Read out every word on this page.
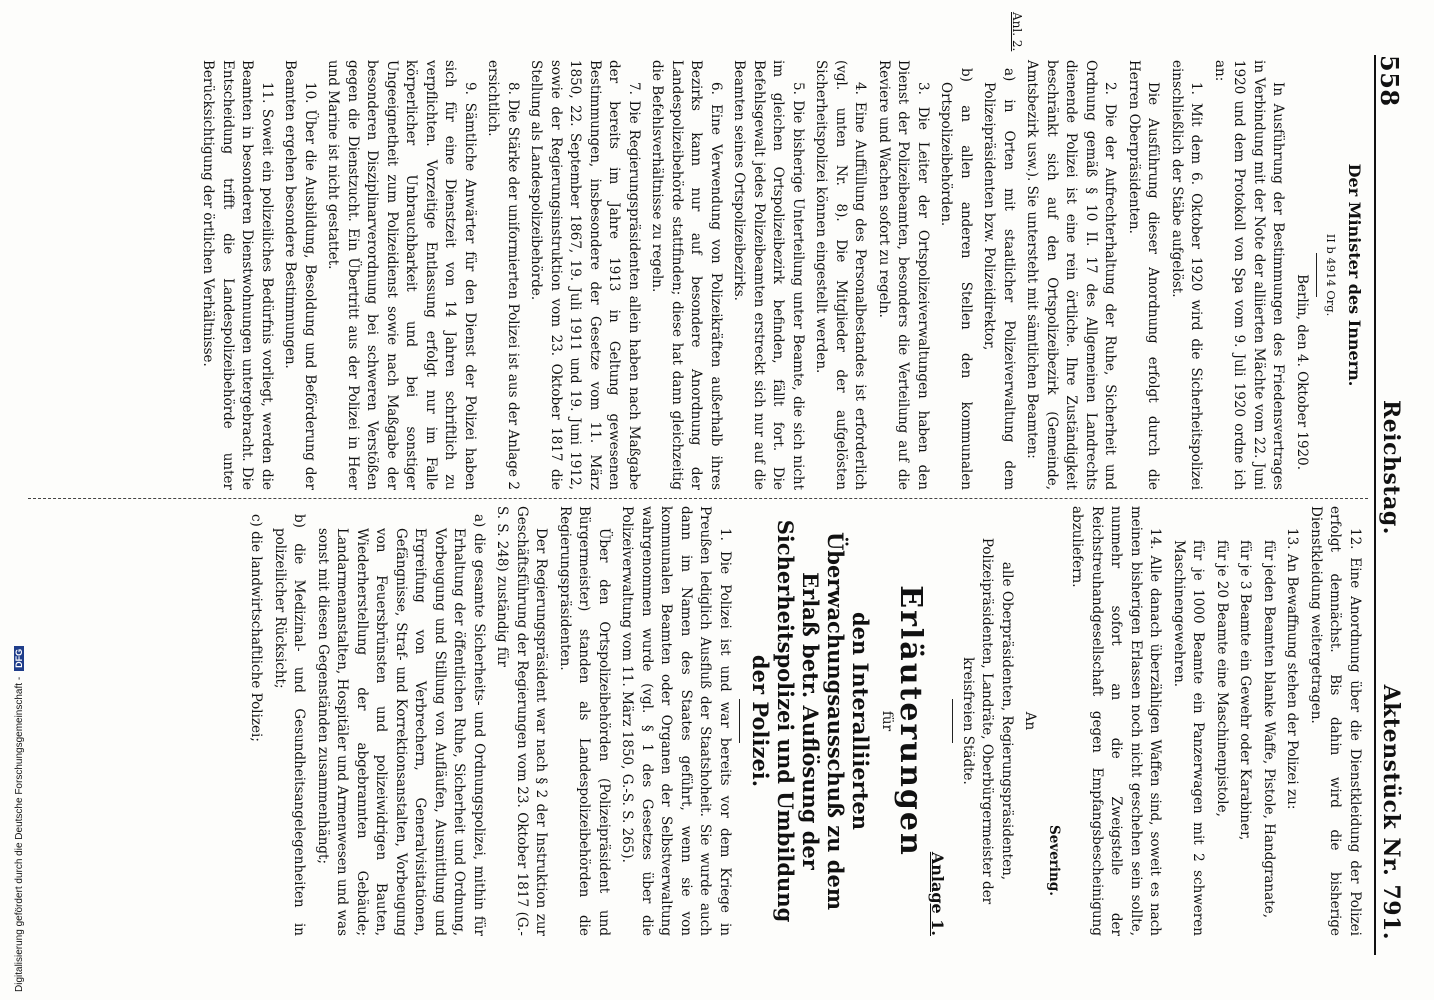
558
Reichstag.
Aktenstück Nr. 791.
Anl. 2.
Der Minister des Innern.
II b 4914 Org.
Berlin, den 4. Oktober 1920.
In Ausführung der Bestimmungen des Friedensvertrages in Verbindung mit der Note der alliierten Mächte vom 22. Juni 1920 und dem Protokoll von Spa vom 9. Juli 1920 ordne ich an:
1. Mit dem 6. Oktober 1920 wird die Sicherheitspolizei einschließlich der Stäbe aufgelöst.
Die Ausführung dieser Anordnung erfolgt durch die Herren Oberpräsidenten.
2. Die der Aufrechterhaltung der Ruhe, Sicherheit und Ordnung gemäß § 10 II. 17 des Allgemeinen Landrechts dienende Polizei ist eine rein örtliche. Ihre Zuständigkeit beschränkt sich auf den Ortspolizeibezirk (Gemeinde, Amtsbezirk usw.). Sie untersteht mit sämtlichen Beamten:
a) in Orten mit staatlicher Polizeiverwaltung dem Polizeipräsidenten bzw. Polizeidirektor,
b) an allen anderen Stellen den kommunalen Ortspolizeibehörden.
3. Die Leiter der Ortspolizeiverwaltungen haben den Dienst der Polizeibeamten, besonders die Verteilung auf die Reviere und Wachen sofort zu regeln.
4. Eine Auffüllung des Personalbestandes ist erforderlich (vgl. unten Nr. 8). Die Mitglieder der aufgelösten Sicherheitspolizei können eingestellt werden.
5. Die bisherige Unterteilung unter Beamte, die sich nicht im gleichen Ortspolizeibezirk befinden, fällt fort. Die Befehlsgewalt jedes Polizeibeamten erstreckt sich nur auf die Beamten seines Ortspolizeibezirks.
6. Eine Verwendung von Polizeikräften außerhalb ihres Bezirks kann nur auf besondere Anordnung der Landespolizeibehörde stattfinden; diese hat dann gleichzeitig die Befehlsverhältnisse zu regeln.
7. Die Regierungspräsidenten allein haben nach Maßgabe der bereits im Jahre 1913 in Geltung gewesenen Bestimmungen, insbesondere der Gesetze vom 11. März 1850, 22. September 1867, 19. Juli 1911 und 19. Juni 1912, sowie der Regierungsinstruktion vom 23. Oktober 1817 die Stellung als Landespolizeibehörde.
8. Die Stärke der uniformierten Polizei ist aus der Anlage 2 ersichtlich.
9. Sämtliche Anwärter für den Dienst der Polizei haben sich für eine Dienstzeit von 14 Jahren schriftlich zu verpflichten. Vorzeitige Entlassung erfolgt nur im Falle körperlicher Unbrauchbarkeit und bei sonstiger Ungeeignetheit zum Polizeidienst sowie nach Maßgabe der besonderen Disziplinarverordnung bei schweren Verstößen gegen die Dienstzucht. Ein Übertritt aus der Polizei in Heer und Marine ist nicht gestattet.
10. Über die Ausbildung, Besoldung und Beförderung der Beamten ergehen besondere Bestimmungen.
11. Soweit ein polizeiliches Bedürfnis vorliegt, werden die Beamten in besonderen Dienstwohnungen untergebracht. Die Entscheidung trifft die Landespolizeibehörde unter Berücksichtigung der örtlichen Verhältnisse.
12. Eine Anordnung über die Dienstkleidung der Polizei erfolgt demnächst. Bis dahin wird die bisherige Dienstkleidung weitergetragen.
13. An Bewaffnung stehen der Polizei zu:
für jeden Beamten blanke Waffe, Pistole, Handgranate,
für je 3 Beamte ein Gewehr oder Karabiner,
für je 20 Beamte eine Maschinenpistole,
für je 1000 Beamte ein Panzerwagen mit 2 schweren Maschinengewehren.
14. Alle danach überzähligen Waffen sind, soweit es nach meinen bisherigen Erlassen noch nicht geschehen sein sollte, nunmehr sofort an die Zweigstelle der Reichstreuhandgesellschaft gegen Empfangsbescheinigung abzuliefern.
Severing.
An
alle Oberpräsidenten, Regierungspräsidenten, Polizeipräsidenten, Landräte, Oberbürgermeister der kreisfreien Städte.
Anlage 1.
Erläuterungen
für
den Interalliierten Überwachungsausschuß zu dem Erlaß betr. Auflösung der Sicherheitspolizei und Umbildung der Polizei.
1. Die Polizei ist und war bereits vor dem Kriege in Preußen lediglich Ausfluß der Staatshoheit. Sie wurde auch dann im Namen des Staates geführt, wenn sie von kommunalen Beamten oder Organen der Selbstverwaltung wahrgenommen wurde (vgl. § 1 des Gesetzes über die Polizeiverwaltung vom 11. März 1850, G.-S. S. 265).
Über den Ortspolizeibehörden (Polizeipräsident und Bürgermeister) standen als Landespolizeibehörden die Regierungspräsidenten.
Der Regierungspräsident war nach § 2 der Instruktion zur Geschäftsführung der Regierungen vom 23. Oktober 1817 (G.-S. S. 248) zuständig für
a) die gesamte Sicherheits- und Ordnungspolizei, mithin für Erhaltung der öffentlichen Ruhe, Sicherheit und Ordnung, Vorbeugung und Stillung von Aufläufen, Ausmittlung und Ergreifung von Verbrechern, Generalvisitationen, Gefängnisse, Straf- und Korrektionsanstalten, Vorbeugung von Feuersbrünsten und polizeiwidrigen Bauten, Wiederherstellung der abgebrannten Gebäude; Landarmenanstalten, Hospitäler und Armenwesen und was sonst mit diesen Gegenständen zusammenhängt;
b) die Medizinal- und Gesundheitsangelegenheiten in polizeilicher Rücksicht;
c) die landwirtschaftliche Polizei;
Digitalisierung gefördert durch die Deutsche Forschungsgemeinschaft -DFG
